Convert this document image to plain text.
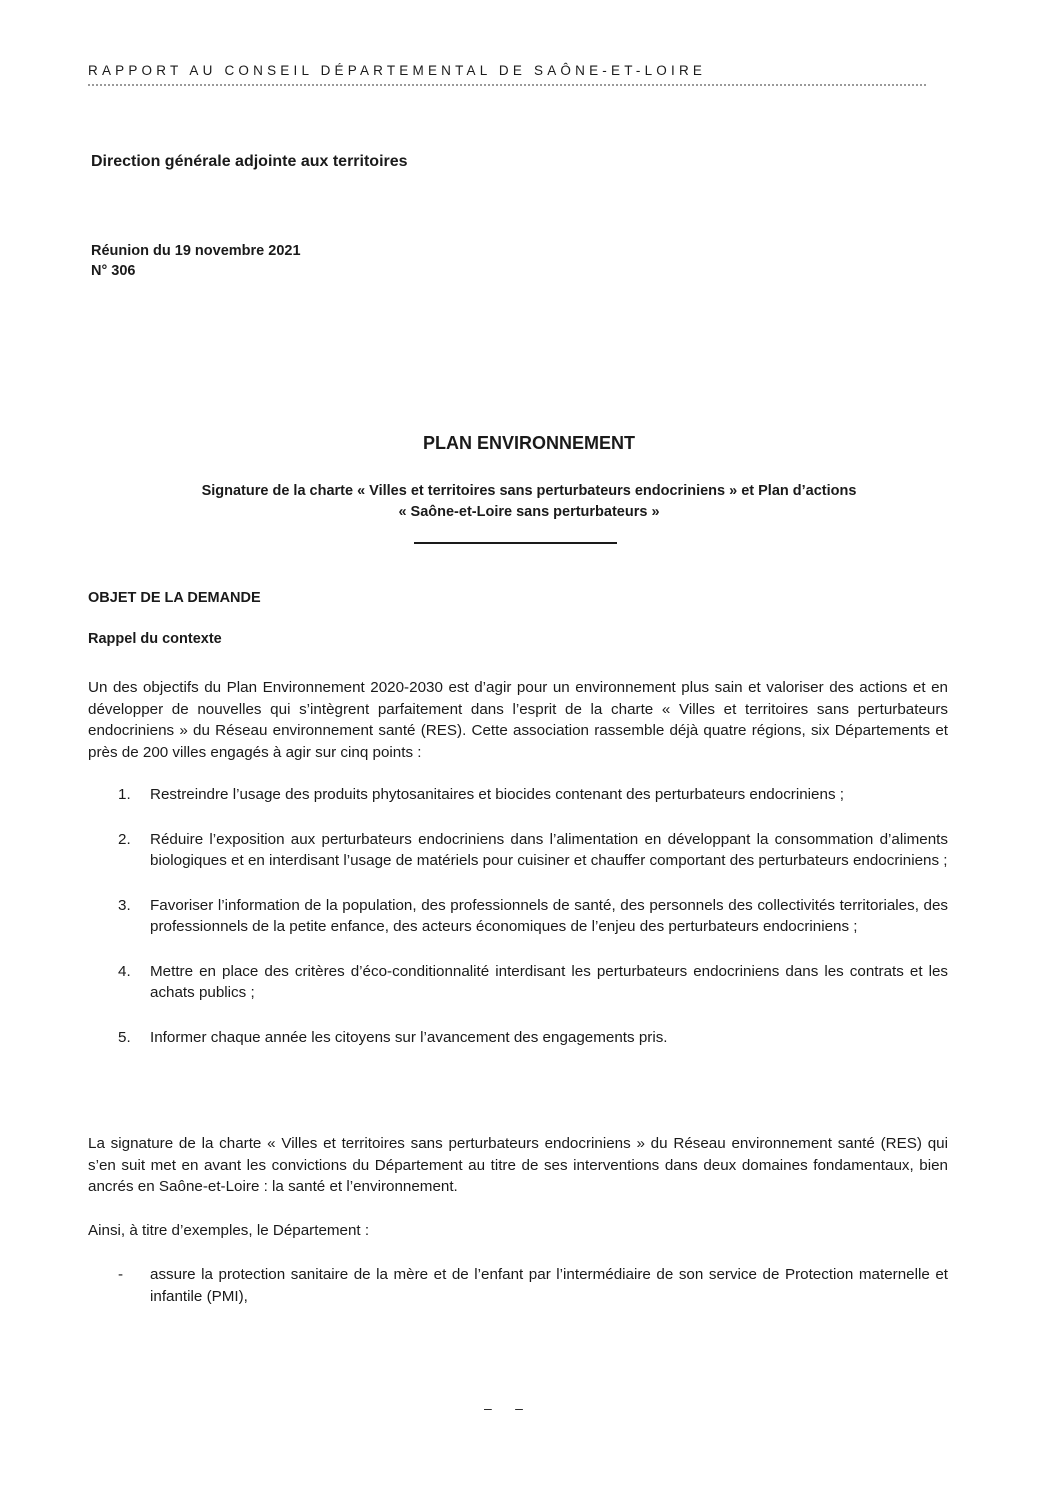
RAPPORT AU CONSEIL DÉPARTEMENTAL DE SAÔNE-ET-LOIRE
Direction générale adjointe aux territoires
Réunion du 19 novembre 2021
N° 306
PLAN ENVIRONNEMENT
Signature de la charte « Villes et territoires sans perturbateurs endocriniens » et Plan d’actions
« Saône-et-Loire sans perturbateurs »
OBJET DE LA DEMANDE
Rappel du contexte
Un des objectifs du Plan Environnement 2020-2030 est d’agir pour un environnement plus sain et valoriser des actions et en développer de nouvelles qui s’intègrent parfaitement dans l’esprit de la charte « Villes et territoires sans perturbateurs endocriniens » du Réseau environnement santé (RES). Cette association rassemble déjà quatre régions, six Départements et près de 200 villes engagés à agir sur cinq points :
1. Restreindre l’usage des produits phytosanitaires et biocides contenant des perturbateurs endocriniens ;
2. Réduire l’exposition aux perturbateurs endocriniens dans l’alimentation en développant la consommation d’aliments biologiques et en interdisant l’usage de matériels pour cuisiner et chauffer comportant des perturbateurs endocriniens ;
3. Favoriser l’information de la population, des professionnels de santé, des personnels des collectivités territoriales, des professionnels de la petite enfance, des acteurs économiques de l’enjeu des perturbateurs endocriniens ;
4. Mettre en place des critères d’éco-conditionnalité interdisant les perturbateurs endocriniens dans les contrats et les achats publics ;
5. Informer chaque année les citoyens sur l’avancement des engagements pris.
La signature de la charte « Villes et territoires sans perturbateurs endocriniens » du Réseau environnement santé (RES) qui s’en suit met en avant les convictions du Département au titre de ses interventions dans deux domaines fondamentaux, bien ancrés en Saône-et-Loire : la santé et l’environnement.
Ainsi, à titre d’exemples, le Département :
- assure la protection sanitaire de la mère et de l’enfant par l’intermédiaire de son service de Protection maternelle et infantile (PMI),
–      –
